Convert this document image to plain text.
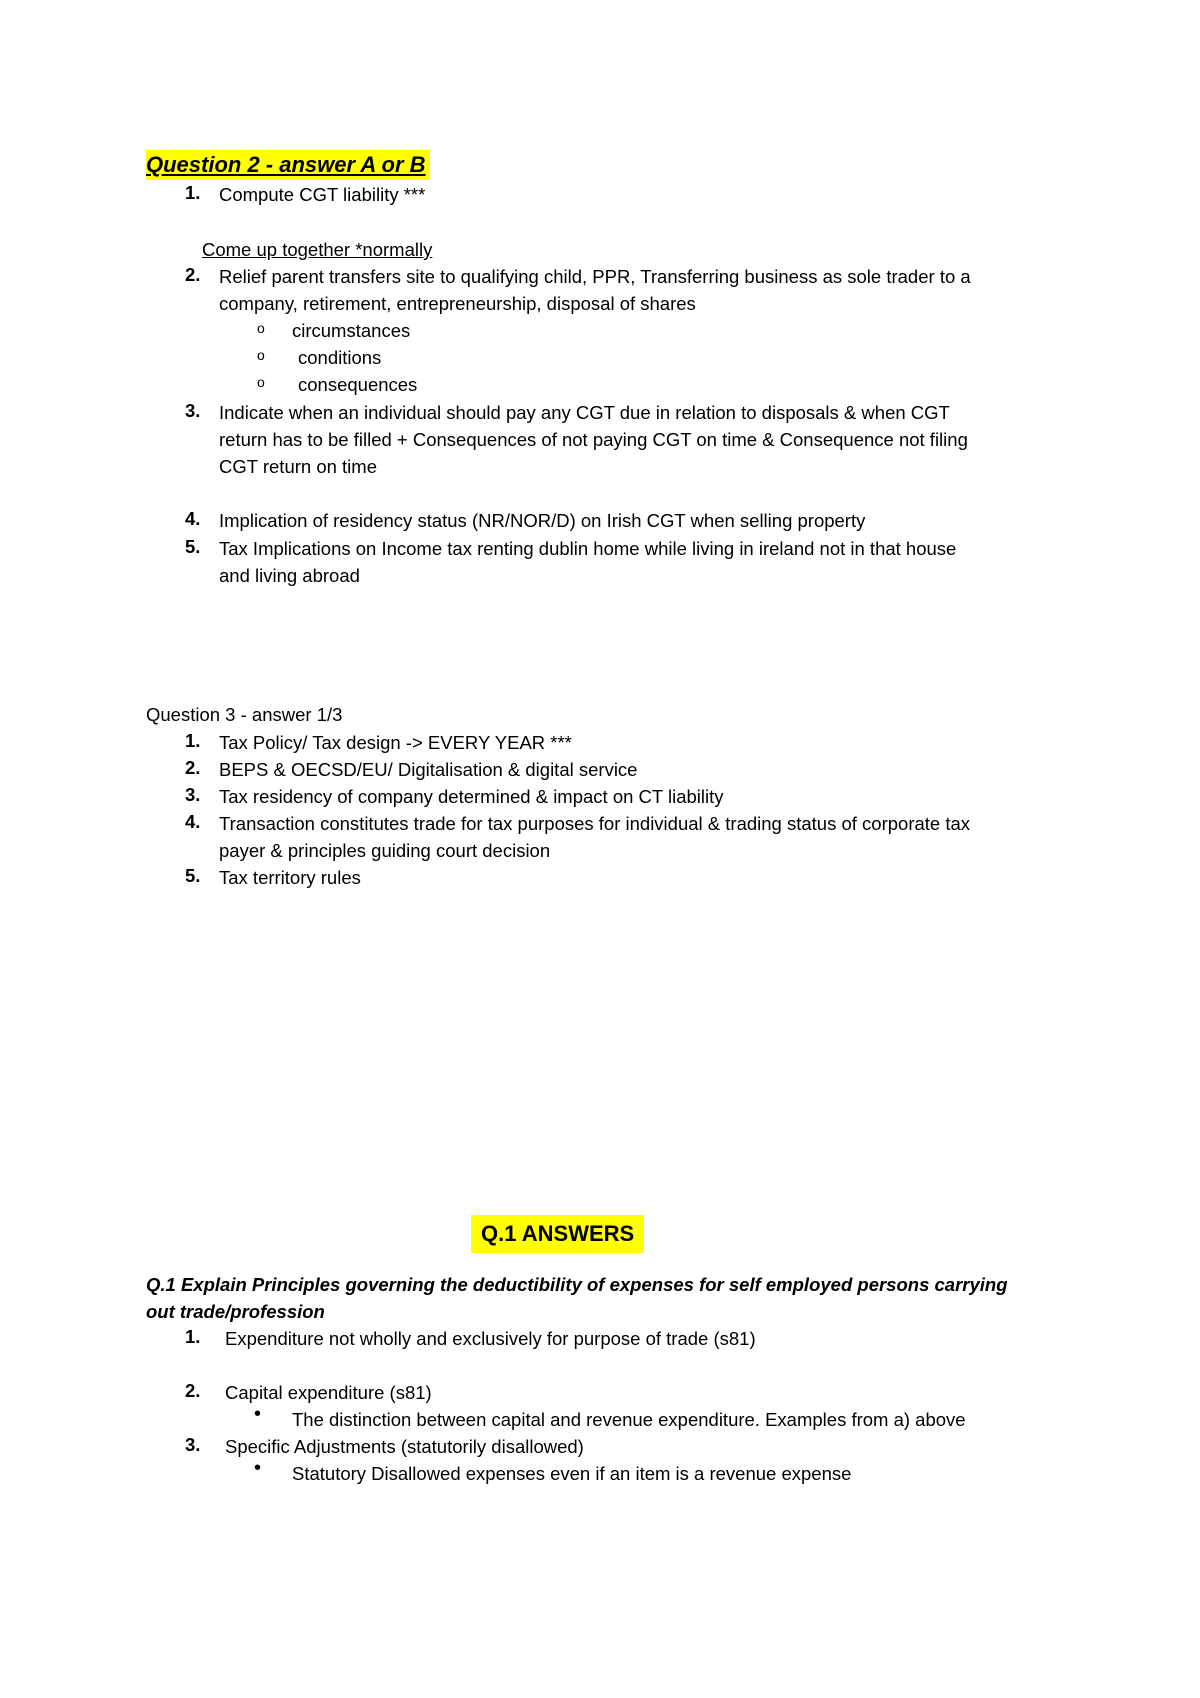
Question 2 - answer A or B
1.	Compute CGT liability ***
Come up together *normally
2.	Relief parent transfers site to qualifying child, PPR, Transferring business as sole trader to a
company, retirement, entrepreneurship, disposal of shares
o circumstances
o conditions
o consequences
3.	Indicate when an individual should pay any CGT due in relation to disposals & when CGT
return has to be filled + Consequences of not paying CGT on time & Consequence not filing
CGT return on time
4.	Implication of residency status (NR/NOR/D) on Irish CGT when selling property
5.	Tax Implications on Income tax renting dublin home while living in ireland not in that house
and living abroad
Question 3 - answer 1/3
1.	Tax Policy/ Tax design -> EVERY YEAR ***
2.	BEPS & OECSD/EU/ Digitalisation & digital service
3.	Tax residency of company determined & impact on CT liability
4.	Transaction constitutes trade for tax purposes for individual & trading status of corporate tax
payer & principles guiding court decision
5.	Tax territory rules
Q.1 ANSWERS
Q.1 Explain Principles governing the deductibility of expenses for self employed persons carrying
out trade/profession
1.	Expenditure not wholly and exclusively for purpose of trade (s81)
2.	Capital expenditure (s81)
• The distinction between capital and revenue expenditure. Examples from a) above
3.	Specific Adjustments (statutorily disallowed)
• Statutory Disallowed expenses even if an item is a revenue expense
